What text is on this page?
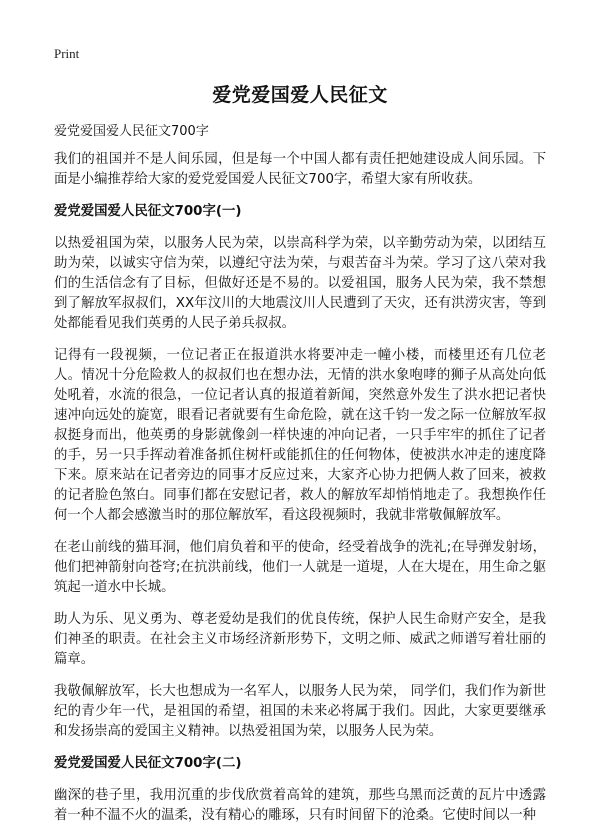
Print
爱党爱国爱人民征文

爱党爱国爱人民征文700字

我们的祖国并不是人间乐园，但是每一个中国人都有责任把她建设成人间乐园。下面是小编推荐给大家的爱党爱国爱人民征文700字，希望大家有所收获。

爱党爱国爱人民征文700字(一)

以热爱祖国为荣，以服务人民为荣，以崇高科学为荣，以辛勤劳动为荣，以团结互助为荣，以诚实守信为荣，以遵纪守法为荣，与艰苦奋斗为荣。学习了这八荣对我们的生活信念有了目标，但做好还是不易的。以爱祖国，服务人民为荣，我不禁想到了解放军叔叔们，XX年汶川的大地震汶川人民遭到了天灾，还有洪涝灾害，等到处都能看见我们英勇的人民子弟兵叔叔。

记得有一段视频，一位记者正在报道洪水将要冲走一幢小楼，而楼里还有几位老人。情况十分危险救人的叔叔们也在想办法，无情的洪水象咆哮的狮子从高处向低处吼着，水流的很急，一位记者认真的报道着新闻，突然意外发生了洪水把记者快速冲向远处的旋宽，眼看记者就要有生命危险，就在这千钧一发之际一位解放军叔叔挺身而出，他英勇的身影就像剑一样快速的冲向记者，一只手牢牢的抓住了记者的手，另一只手挥动着准备抓住树杆或能抓住的任何物体，使被洪水冲走的速度降下来。原来站在记者旁边的同事才反应过来，大家齐心协力把俩人救了回来，被救的记者脸色煞白。同事们都在安慰记者，救人的解放军却悄悄地走了。我想换作任何一个人都会感激当时的那位解放军，看这段视频时，我就非常敬佩解放军。

在老山前线的猫耳洞，他们肩负着和平的使命，经受着战争的洗礼;在导弹发射场，他们把神箭射向苍穹;在抗洪前线，他们一人就是一道堤，人在大堤在，用生命之躯筑起一道水中长城。

助人为乐、见义勇为、尊老爱幼是我们的优良传统，保护人民生命财产安全，是我们神圣的职责。在社会主义市场经济新形势下，文明之师、威武之师谱写着壮丽的篇章。

我敬佩解放军，长大也想成为一名军人，以服务人民为荣， 同学们，我们作为新世纪的青少年一代，是祖国的希望，祖国的未来必将属于我们。因此，大家更要继承和发扬崇高的爱国主义精神。以热爱祖国为荣，以服务人民为荣。

爱党爱国爱人民征文700字(二)

幽深的巷子里，我用沉重的步伐欣赏着高耸的建筑，那些乌黑而泛黄的瓦片中透露着一种不温不火的温柔，没有精心的雕琢，只有时间留下的沧桑。它使时间以一种
